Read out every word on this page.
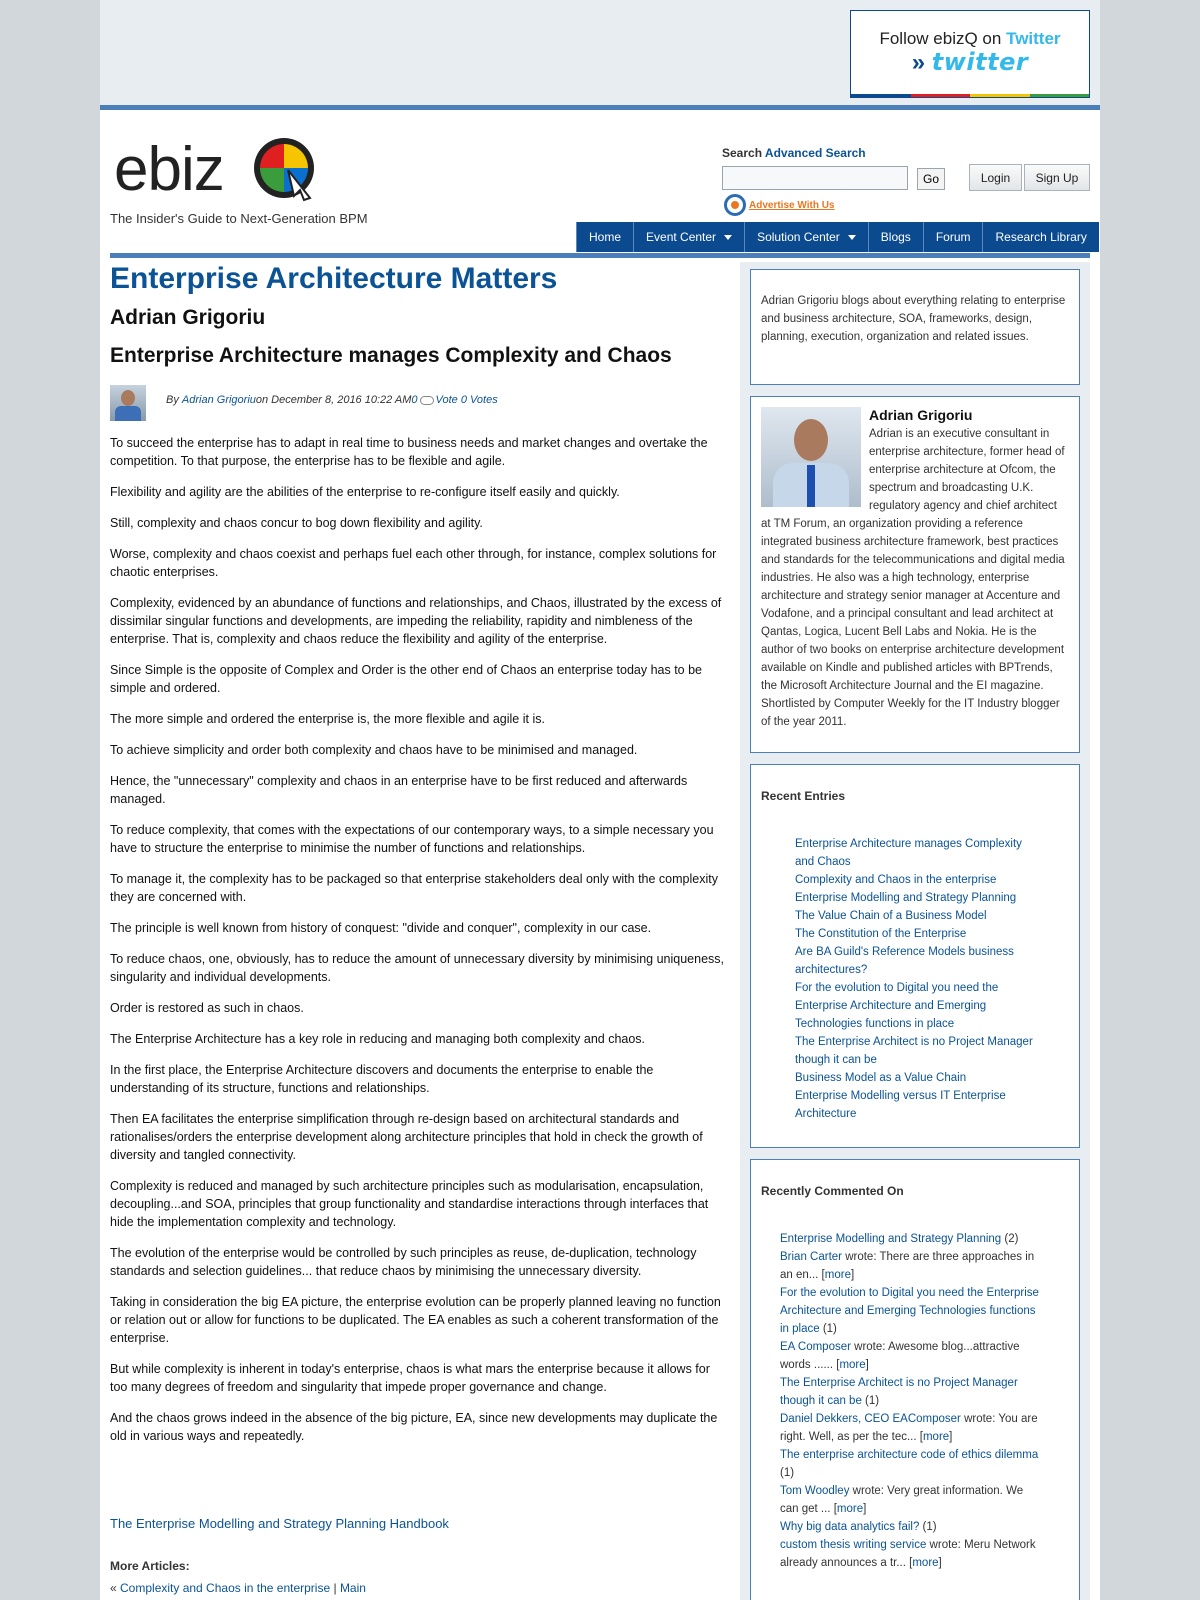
Follow ebizQ on Twitter
» twitter
ebiz
The Insider's Guide to Next-Generation BPM
Search Advanced Search
Go
Advertise With Us
Login	Sign Up
Home	Event Center	Solution Center	Blogs	Forum	Research Library
Enterprise Architecture Matters
Adrian Grigoriu
Enterprise Architecture manages Complexity and Chaos
By
Adrian Grigoriu on December 8, 2016 10:22 AM 0 Vote 0 Votes

To succeed the enterprise has to adapt in real time to business needs and market changes and overtake the competition. To that purpose, the enterprise has to be flexible and agile.

Flexibility and agility are the abilities of the enterprise to re-configure itself easily and quickly.

Still, complexity and chaos concur to bog down flexibility and agility.

Worse, complexity and chaos coexist and perhaps fuel each other through, for instance, complex solutions for chaotic enterprises.

Complexity, evidenced by an abundance of functions and relationships, and Chaos, illustrated by the excess of dissimilar singular functions and developments, are impeding the reliability, rapidity and nimbleness of the enterprise. That is, complexity and chaos reduce the flexibility and agility of the enterprise.

Since Simple is the opposite of Complex and Order is the other end of Chaos an enterprise today has to be simple and ordered.

The more simple and ordered the enterprise is, the more flexible and agile it is.

To achieve simplicity and order both complexity and chaos have to be minimised and managed.

Hence, the "unnecessary" complexity and chaos in an enterprise have to be first reduced and afterwards managed.

To reduce complexity, that comes with the expectations of our contemporary ways, to a simple necessary you have to structure the enterprise to minimise the number of functions and relationships.

To manage it, the complexity has to be packaged so that enterprise stakeholders deal only with the complexity they are concerned with.

The principle is well known from history of conquest: "divide and conquer", complexity in our case.

To reduce chaos, one, obviously, has to reduce the amount of unnecessary diversity by minimising uniqueness, singularity and individual developments.

Order is restored as such in chaos.

The Enterprise Architecture has a key role in reducing and managing both complexity and chaos.

In the first place, the Enterprise Architecture discovers and documents the enterprise to enable the understanding of its structure, functions and relationships.

Then EA facilitates the enterprise simplification through re-design based on architectural standards and rationalises/orders the enterprise development along architecture principles that hold in check the growth of diversity and tangled connectivity.

Complexity is reduced and managed by such architecture principles such as modularisation, encapsulation, decoupling...and SOA, principles that group functionality and standardise interactions through interfaces that hide the implementation complexity and technology.

The evolution of the enterprise would be controlled by such principles as reuse, de-duplication, technology standards and selection guidelines... that reduce chaos by minimising the unnecessary diversity.

Taking in consideration the big EA picture, the enterprise evolution can be properly planned leaving no function or relation out or allow for functions to be duplicated. The EA enables as such a coherent transformation of the enterprise.

But while complexity is inherent in today's enterprise, chaos is what mars the enterprise because it allows for too many degrees of freedom and singularity that impede proper governance and change.

And the chaos grows indeed in the absence of the big picture, EA, since new developments may duplicate the old in various ways and repeatedly.

The Enterprise Modelling and Strategy Planning Handbook
More Articles:
« Complexity and Chaos in the enterprise | Main

Adrian Grigoriu blogs about everything relating to enterprise and business architecture, SOA, frameworks, design, planning, execution, organization and related issues.

Adrian Grigoriu

Adrian is an executive consultant in enterprise architecture, former head of enterprise architecture at Ofcom, the spectrum and broadcasting U.K. regulatory agency and chief architect at TM Forum, an organization providing a reference integrated business architecture framework, best practices and standards for the telecommunications and digital media industries. He also was a high technology, enterprise architecture and strategy senior manager at Accenture and Vodafone, and a principal consultant and lead architect at Qantas, Logica, Lucent Bell Labs and Nokia. He is the author of two books on enterprise architecture development available on Kindle and published articles with BPTrends, the Microsoft Architecture Journal and the EI magazine. Shortlisted by Computer Weekly for the IT Industry blogger of the year 2011.

Recent Entries
Enterprise Architecture manages Complexity and Chaos
Complexity and Chaos in the enterprise
Enterprise Modelling and Strategy Planning
The Value Chain of a Business Model
The Constitution of the Enterprise
Are BA Guild's Reference Models business architectures?
For the evolution to Digital you need the Enterprise Architecture and Emerging Technologies functions in place
The Enterprise Architect is no Project Manager though it can be
Business Model as a Value Chain
Enterprise Modelling versus IT Enterprise Architecture
Recently Commented On
Enterprise Modelling and Strategy Planning (2)
Brian Carter wrote: There are three approaches in an en... [more]
For the evolution to Digital you need the Enterprise Architecture and Emerging Technologies functions in place (1)
EA Composer wrote: Awesome blog...attractive words ...... [more]
The Enterprise Architect is no Project Manager though it can be (1)
Daniel Dekkers, CEO EAComposer wrote: You are right. Well, as per the tec... [more]
The enterprise architecture code of ethics dilemma (1)
Tom Woodley wrote: Very great information. We can get ... [more]
Why big data analytics fail? (1)
custom thesis writing service wrote: Meru Network already announces a tr... [more]
